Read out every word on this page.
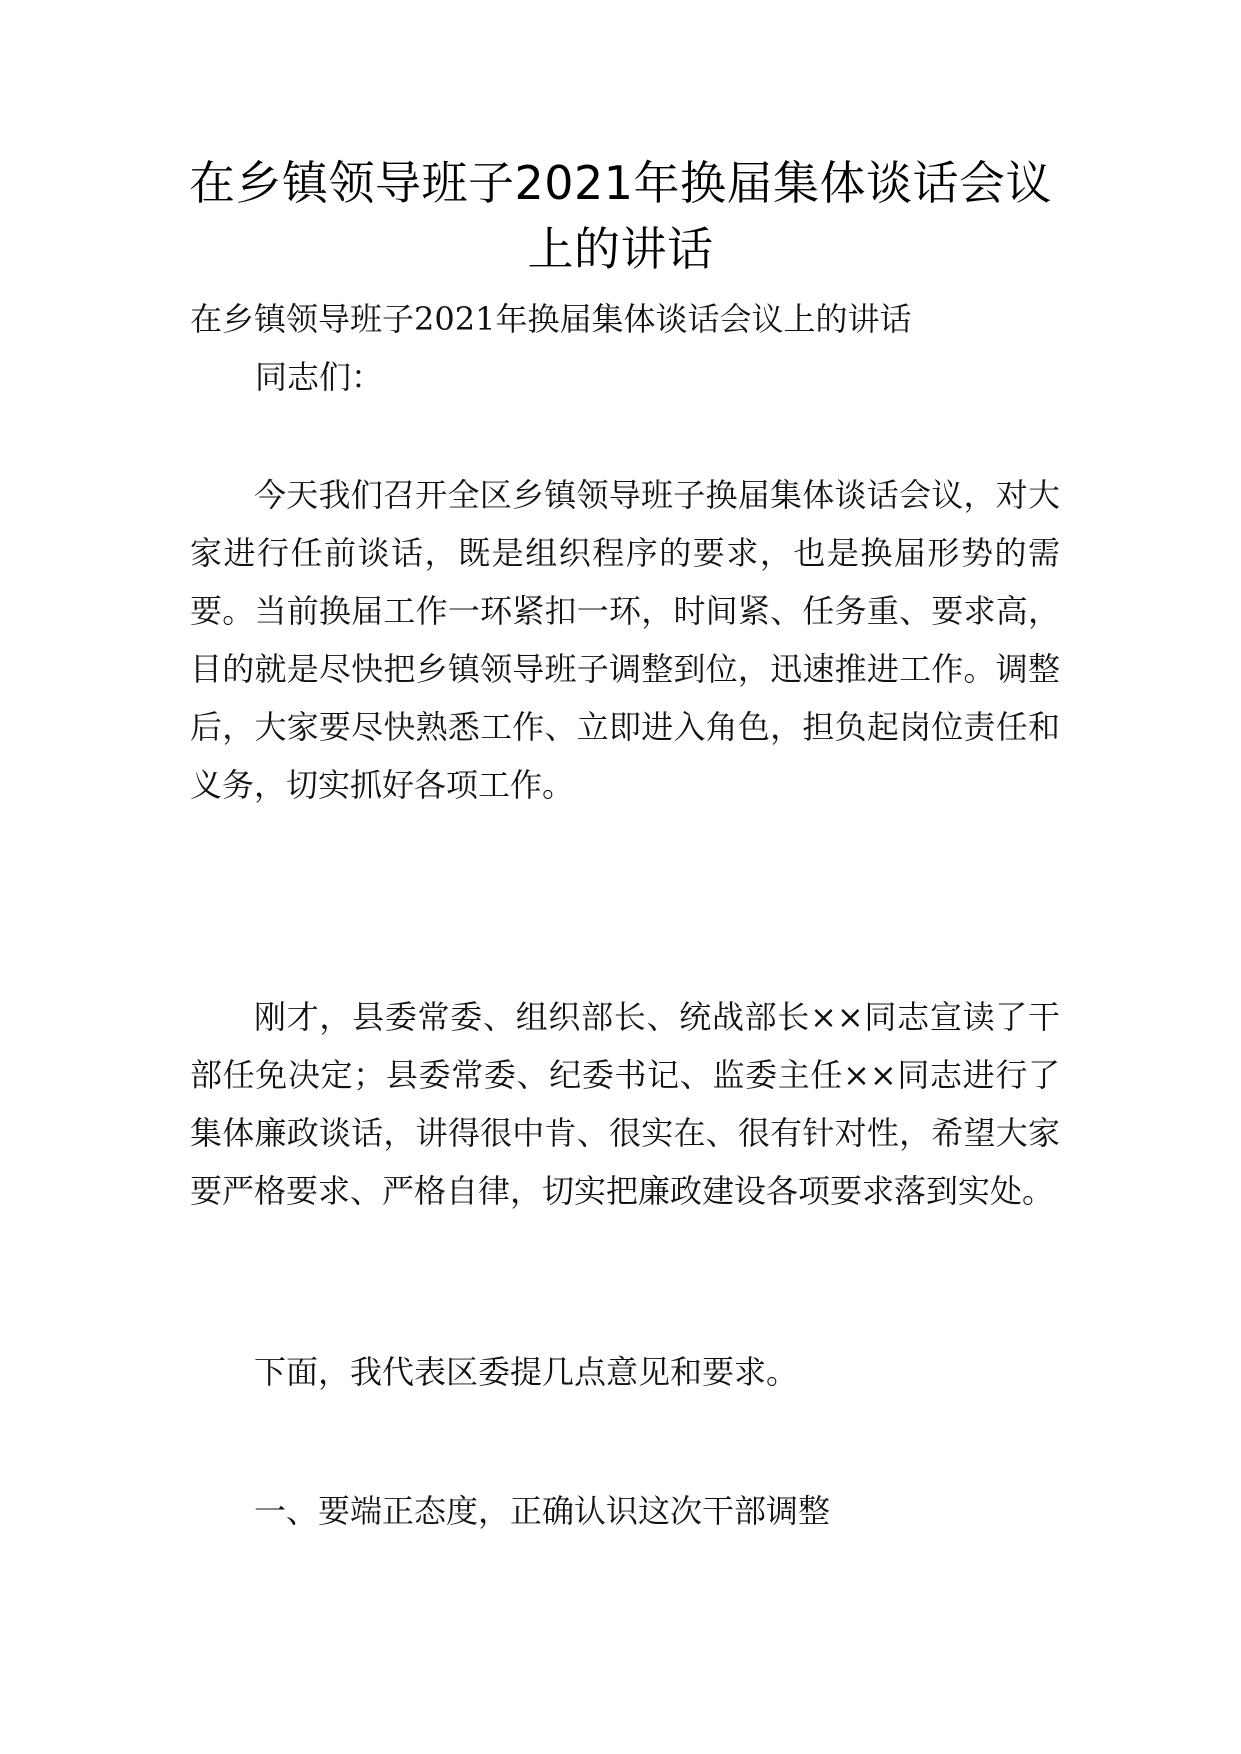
在乡镇领导班子2021年换届集体谈话会议
上的讲话
在乡镇领导班子2021年换届集体谈话会议上的讲话
同志们：

今天我们召开全区乡镇领导班子换届集体谈话会议，对大家进行任前谈话，既是组织程序的要求，也是换届形势的需要。当前换届工作一环紧扣一环，时间紧、任务重、要求高，目的就是尽快把乡镇领导班子调整到位，迅速推进工作。调整后，大家要尽快熟悉工作、立即进入角色，担负起岗位责任和义务，切实抓好各项工作。

刚才，县委常委、组织部长、统战部长××同志宣读了干部任免决定；县委常委、纪委书记、监委主任××同志进行了集体廉政谈话，讲得很中肯、很实在、很有针对性，希望大家要严格要求、严格自律，切实把廉政建设各项要求落到实处。

下面，我代表区委提几点意见和要求。

一、要端正态度，正确认识这次干部调整
